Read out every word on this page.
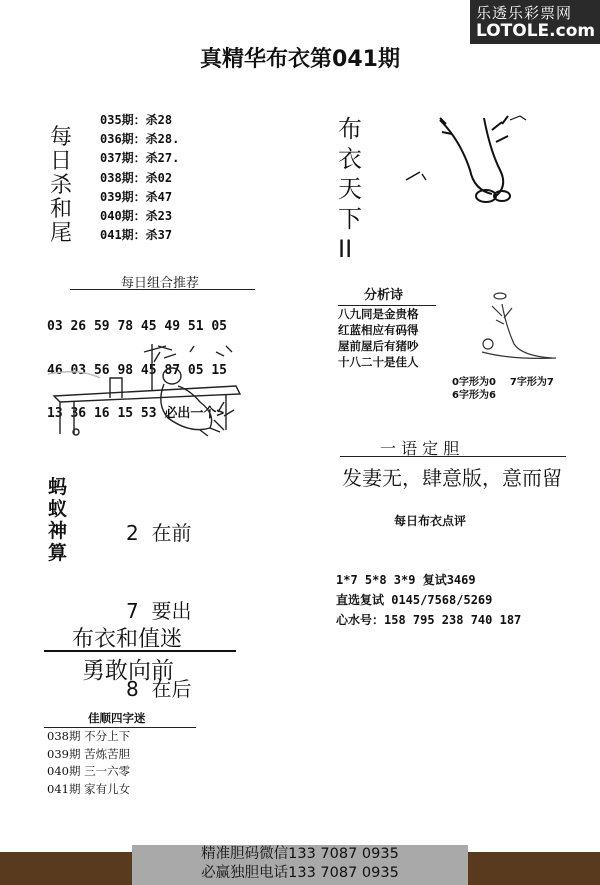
乐透乐彩票网
LOTOLE.com
真精华布衣第041期
每
日
杀
和
尾
035期：杀28
036期：杀28.
037期：杀27.
038期：杀02
039期：杀47
040期：杀23
041期：杀37
每日组合推荐

03 26 59 78 45 49 51 05

46 03 56 98 45 87 05 15

13 36 16 15 53 必出一个>

蚂
蚁
神
算

2  在前

7  要出

8  在后

布衣和值迷
勇敢向前
佳顺四字迷
038期 不分上下
039期 苦炼苦胆
040期 三一六零
041期 家有儿女
布
衣
天
下
II
分析诗
八九同是金贵格
红蓝相应有码得
屋前屋后有猪吵
十八二十是佳人
0字形为0 7字形为7
6字形为6
一 语 定 胆
发妻无，肆意版，意而留
每日布衣点评
1*7 5*8 3*9 复试3469
直选复试 0145/7568/5269
心水号：158 795 238 740 187
精准胆码微信133 7087 0935
必赢独胆电话133 7087 0935
